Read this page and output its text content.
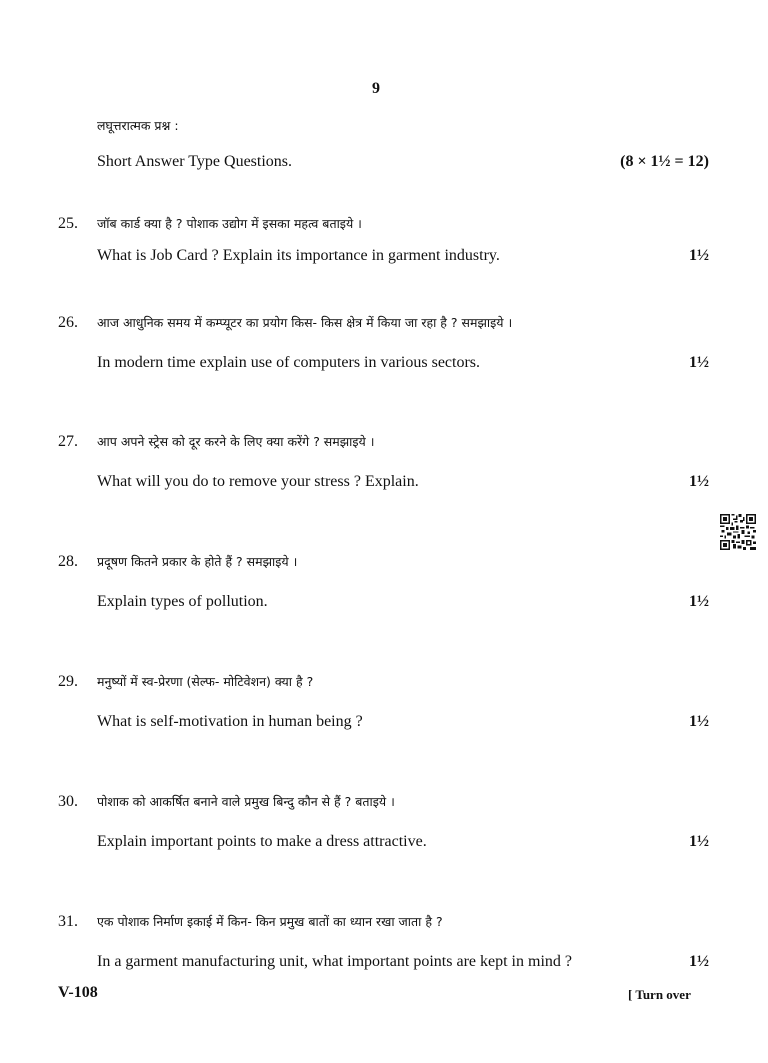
9
लघूत्तरात्मक प्रश्न :
Short Answer Type Questions.	(8 × 1½ = 12)
25.	जॉब कार्ड क्या है ? पोशाक उद्योग में इसका महत्व बताइये ।
What is Job Card ? Explain its importance in garment industry.	1½
26.	आज आधुनिक समय में कम्प्यूटर का प्रयोग किस- किस क्षेत्र में किया जा रहा है ? समझाइये ।
In modern time explain use of computers in various sectors.	1½
27.	आप अपने स्ट्रेस को दूर करने के लिए क्या करेंगे ? समझाइये ।
What will you do to remove your stress ? Explain.	1½
28.	प्रदूषण कितने प्रकार के होते हैं ? समझाइये ।
Explain types of pollution.	1½
29.	मनुष्यों में स्व-प्रेरणा (सेल्फ- मोटिवेशन) क्या है ?
What is self-motivation in human being ?	1½
30.	पोशाक को आकर्षित बनाने वाले प्रमुख बिन्दु कौन से हैं ? बताइये ।
Explain important points to make a dress attractive.	1½
31.	एक पोशाक निर्माण इकाई में किन- किन प्रमुख बातों का ध्यान रखा जाता है ?
In a garment manufacturing unit, what important points are kept in mind ?	1½
V-108	[ Turn over
